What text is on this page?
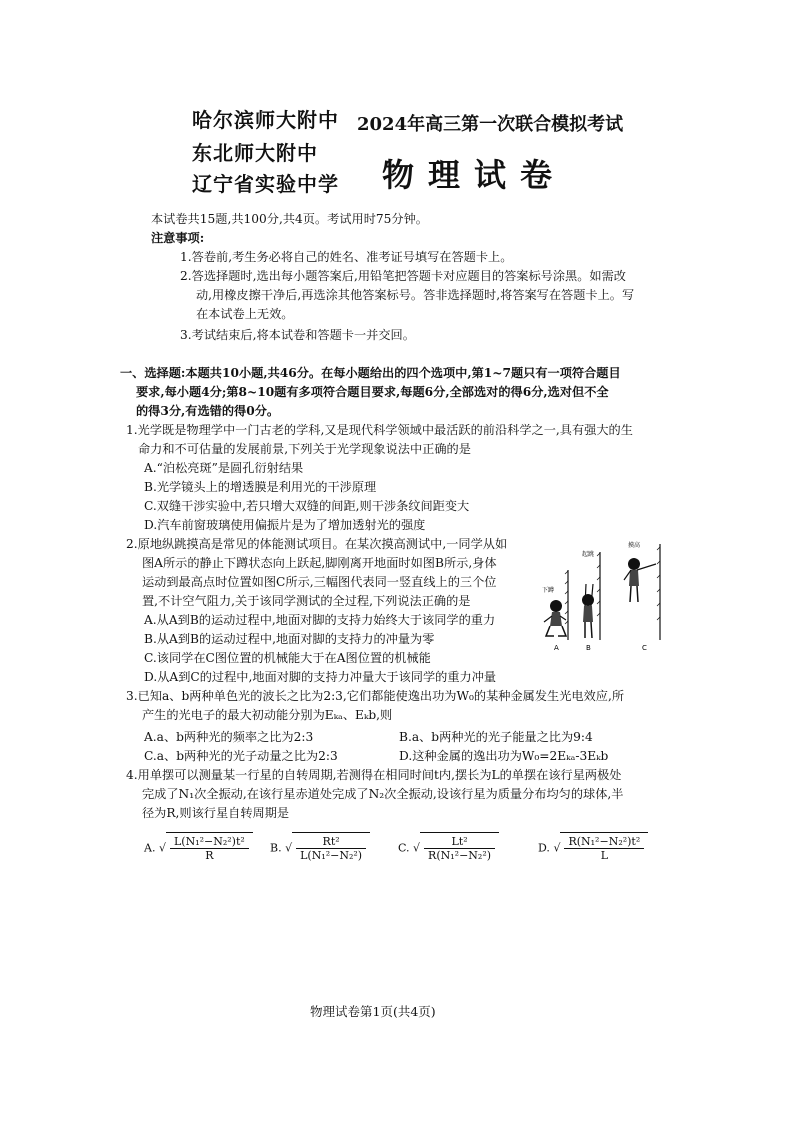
哈尔滨师大附中
东北师大附中
辽宁省实验中学
2024年高三第一次联合模拟考试
物理试卷
本试卷共15题,共100分,共4页。考试用时75分钟。
注意事项:
1.答卷前,考生务必将自己的姓名、准考证号填写在答题卡上。
2.答选择题时,选出每小题答案后,用铅笔把答题卡对应题目的答案标号涂黑。如需改
动,用橡皮擦干净后,再选涂其他答案标号。答非选择题时,将答案写在答题卡上。写
在本试卷上无效。
3.考试结束后,将本试卷和答题卡一并交回。
一、选择题:本题共10小题,共46分。在每小题给出的四个选项中,第1~7题只有一项符合题目
要求,每小题4分;第8~10题有多项符合题目要求,每题6分,全部选对的得6分,选对但不全
的得3分,有选错的得0分。
1.光学既是物理学中一门古老的学科,又是现代科学领域中最活跃的前沿科学之一,具有强大的生
命力和不可估量的发展前景,下列关于光学现象说法中正确的是
A.“泊松亮斑”是圆孔衍射结果
B.光学镜头上的增透膜是利用光的干涉原理
C.双缝干涉实验中,若只增大双缝的间距,则干涉条纹间距变大
D.汽车前窗玻璃使用偏振片是为了增加透射光的强度
2.原地纵跳摸高是常见的体能测试项目。在某次摸高测试中,一同学从如
图A所示的静止下蹲状态向上跃起,脚刚离开地面时如图B所示,身体
运动到最高点时位置如图C所示,三幅图代表同一竖直线上的三个位
置,不计空气阻力,关于该同学测试的全过程,下列说法正确的是
A.从A到B的运动过程中,地面对脚的支持力始终大于该同学的重力
B.从A到B的运动过程中,地面对脚的支持力的冲量为零
C.该同学在C图位置的机械能大于在A图位置的机械能
D.从A到C的过程中,地面对脚的支持力冲量大于该同学的重力冲量
下蹲
起跳
摸高
A	B	C
3.已知a、b两种单色光的波长之比为2:3,它们都能使逸出功为W₀的某种金属发生光电效应,所
产生的光电子的最大初动能分别为Eₖₐ、Eₖb,则
A.a、b两种光的频率之比为2:3	B.a、b两种光的光子能量之比为9:4
C.a、b两种光的光子动量之比为2:3	D.这种金属的逸出功为W₀=2Eₖₐ-3Eₖb
4.用单摆可以测量某一行星的自转周期,若测得在相同时间t内,摆长为L的单摆在该行星两极处
完成了N₁次全振动,在该行星赤道处完成了N₂次全振动,设该行星为质量分布均匀的球体,半
径为R,则该行星自转周期是
A. √ $\frac{\text{L(N₁²−N₂²)t²}}{R} B$. √ $\frac{\text{Rt²}}{\text{L(N₁²−N₂²)}}$	C. √ $\frac{\text{Lt²}}{\text{R(N₁²−N₂²)}}$	D. √ $\frac{\text{R(N₁²−N₂²)t²}}{L}$
物理试卷第1页(共4页)
